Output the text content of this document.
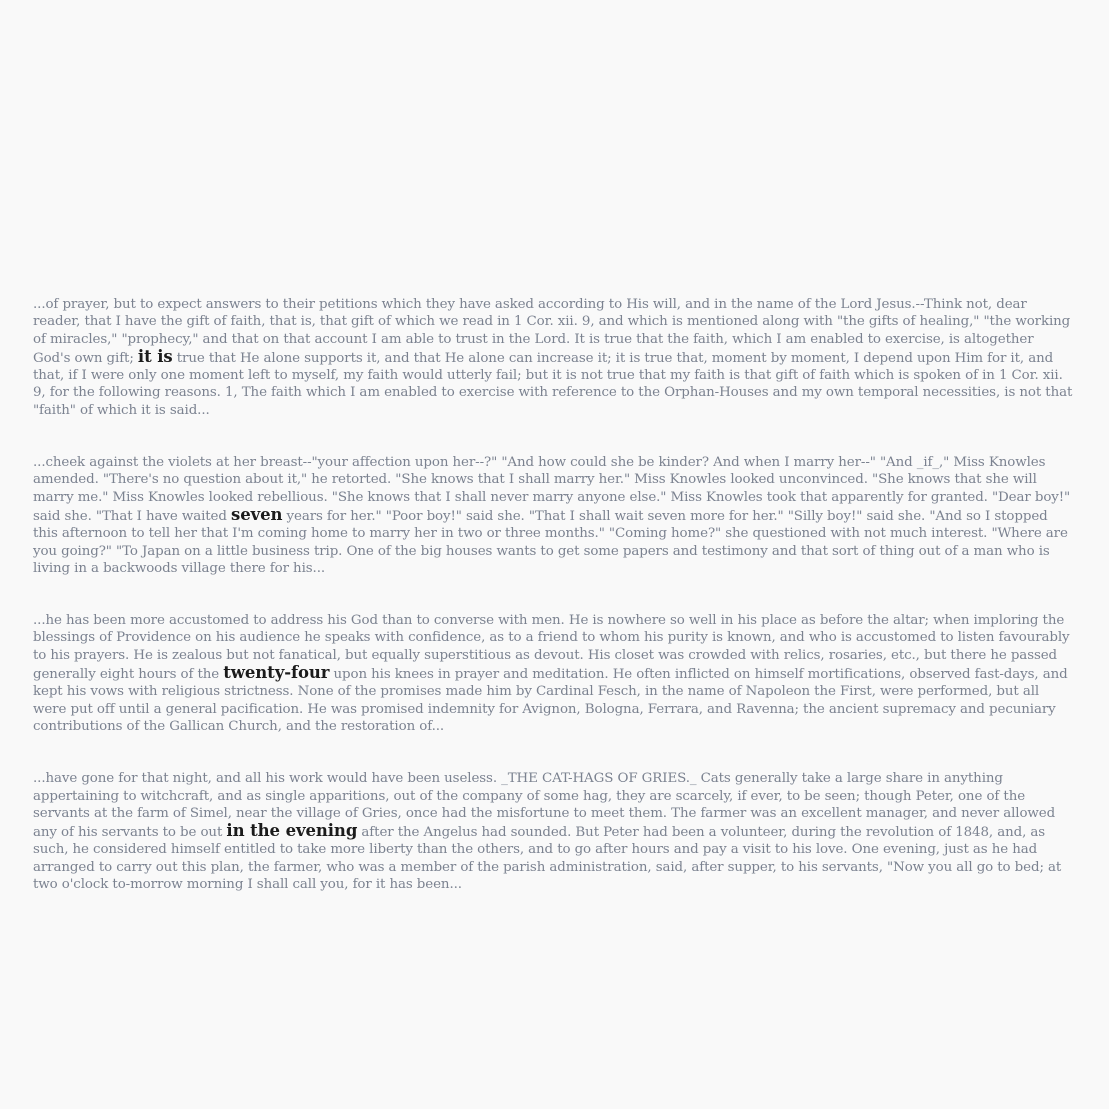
...of prayer, but to expect answers to their petitions which they have asked according to His will, and in the name of the Lord Jesus.--Think not, dear reader, that I have the gift of faith, that is, that gift of which we read in 1 Cor. xii. 9, and which is mentioned along with "the gifts of healing," "the working of miracles," "prophecy," and that on that account I am able to trust in the Lord. It is true that the faith, which I am enabled to exercise, is altogether God's own gift; it is true that He alone supports it, and that He alone can increase it; it is true that, moment by moment, I depend upon Him for it, and that, if I were only one moment left to myself, my faith would utterly fail; but it is not true that my faith is that gift of faith which is spoken of in 1 Cor. xii. 9, for the following reasons. 1, The faith which I am enabled to exercise with reference to the Orphan-Houses and my own temporal necessities, is not that "faith" of which it is said...

...cheek against the violets at her breast--"your affection upon her--?" "And how could she be kinder? And when I marry her--" "And _if_," Miss Knowles amended. "There's no question about it," he retorted. "She knows that I shall marry her." Miss Knowles looked unconvinced. "She knows that she will marry me." Miss Knowles looked rebellious. "She knows that I shall never marry anyone else." Miss Knowles took that apparently for granted. "Dear boy!" said she. "That I have waited seven years for her." "Poor boy!" said she. "That I shall wait seven more for her." "Silly boy!" said she. "And so I stopped this afternoon to tell her that I'm coming home to marry her in two or three months." "Coming home?" she questioned with not much interest. "Where are you going?" "To Japan on a little business trip. One of the big houses wants to get some papers and testimony and that sort of thing out of a man who is living in a backwoods village there for his...

...he has been more accustomed to address his God than to converse with men. He is nowhere so well in his place as before the altar; when imploring the blessings of Providence on his audience he speaks with confidence, as to a friend to whom his purity is known, and who is accustomed to listen favourably to his prayers. He is zealous but not fanatical, but equally superstitious as devout. His closet was crowded with relics, rosaries, etc., but there he passed generally eight hours of the twenty-four upon his knees in prayer and meditation. He often inflicted on himself mortifications, observed fast-days, and kept his vows with religious strictness. None of the promises made him by Cardinal Fesch, in the name of Napoleon the First, were performed, but all were put off until a general pacification. He was promised indemnity for Avignon, Bologna, Ferrara, and Ravenna; the ancient supremacy and pecuniary contributions of the Gallican Church, and the restoration of...

...have gone for that night, and all his work would have been useless. _THE CAT-HAGS OF GRIES._ Cats generally take a large share in anything appertaining to witchcraft, and as single apparitions, out of the company of some hag, they are scarcely, if ever, to be seen; though Peter, one of the servants at the farm of Simel, near the village of Gries, once had the misfortune to meet them. The farmer was an excellent manager, and never allowed any of his servants to be out in the evening after the Angelus had sounded. But Peter had been a volunteer, during the revolution of 1848, and, as such, he considered himself entitled to take more liberty than the others, and to go after hours and pay a visit to his love. One evening, just as he had arranged to carry out this plan, the farmer, who was a member of the parish administration, said, after supper, to his servants, "Now you all go to bed; at two o'clock to-morrow morning I shall call you, for it has been...
